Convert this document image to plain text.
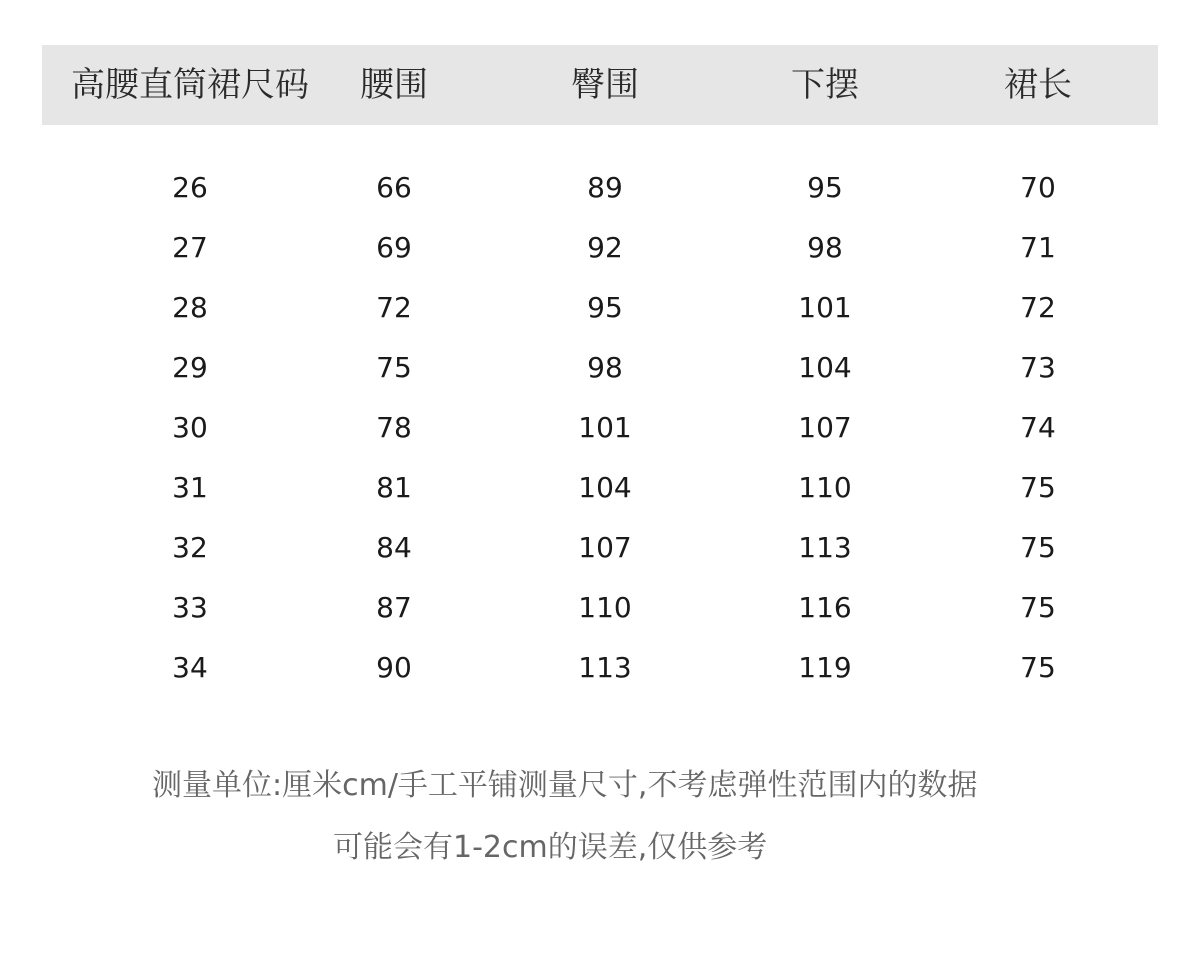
高腰直筒裙尺码 腰围	臀围	下摆	裙长
26	66	89	95	70
27	69	92	98	71
28	72	95	101	72
29	75	98	104	73
30	78	101	107	74
31	81	104	110	75
32	84	107	113	75
33	87	110	116	75
34	90	113	119	75
测量单位:厘米cm/手工平铺测量尺寸,不考虑弹性范围内的数据
可能会有1-2cm的误差,仅供参考
